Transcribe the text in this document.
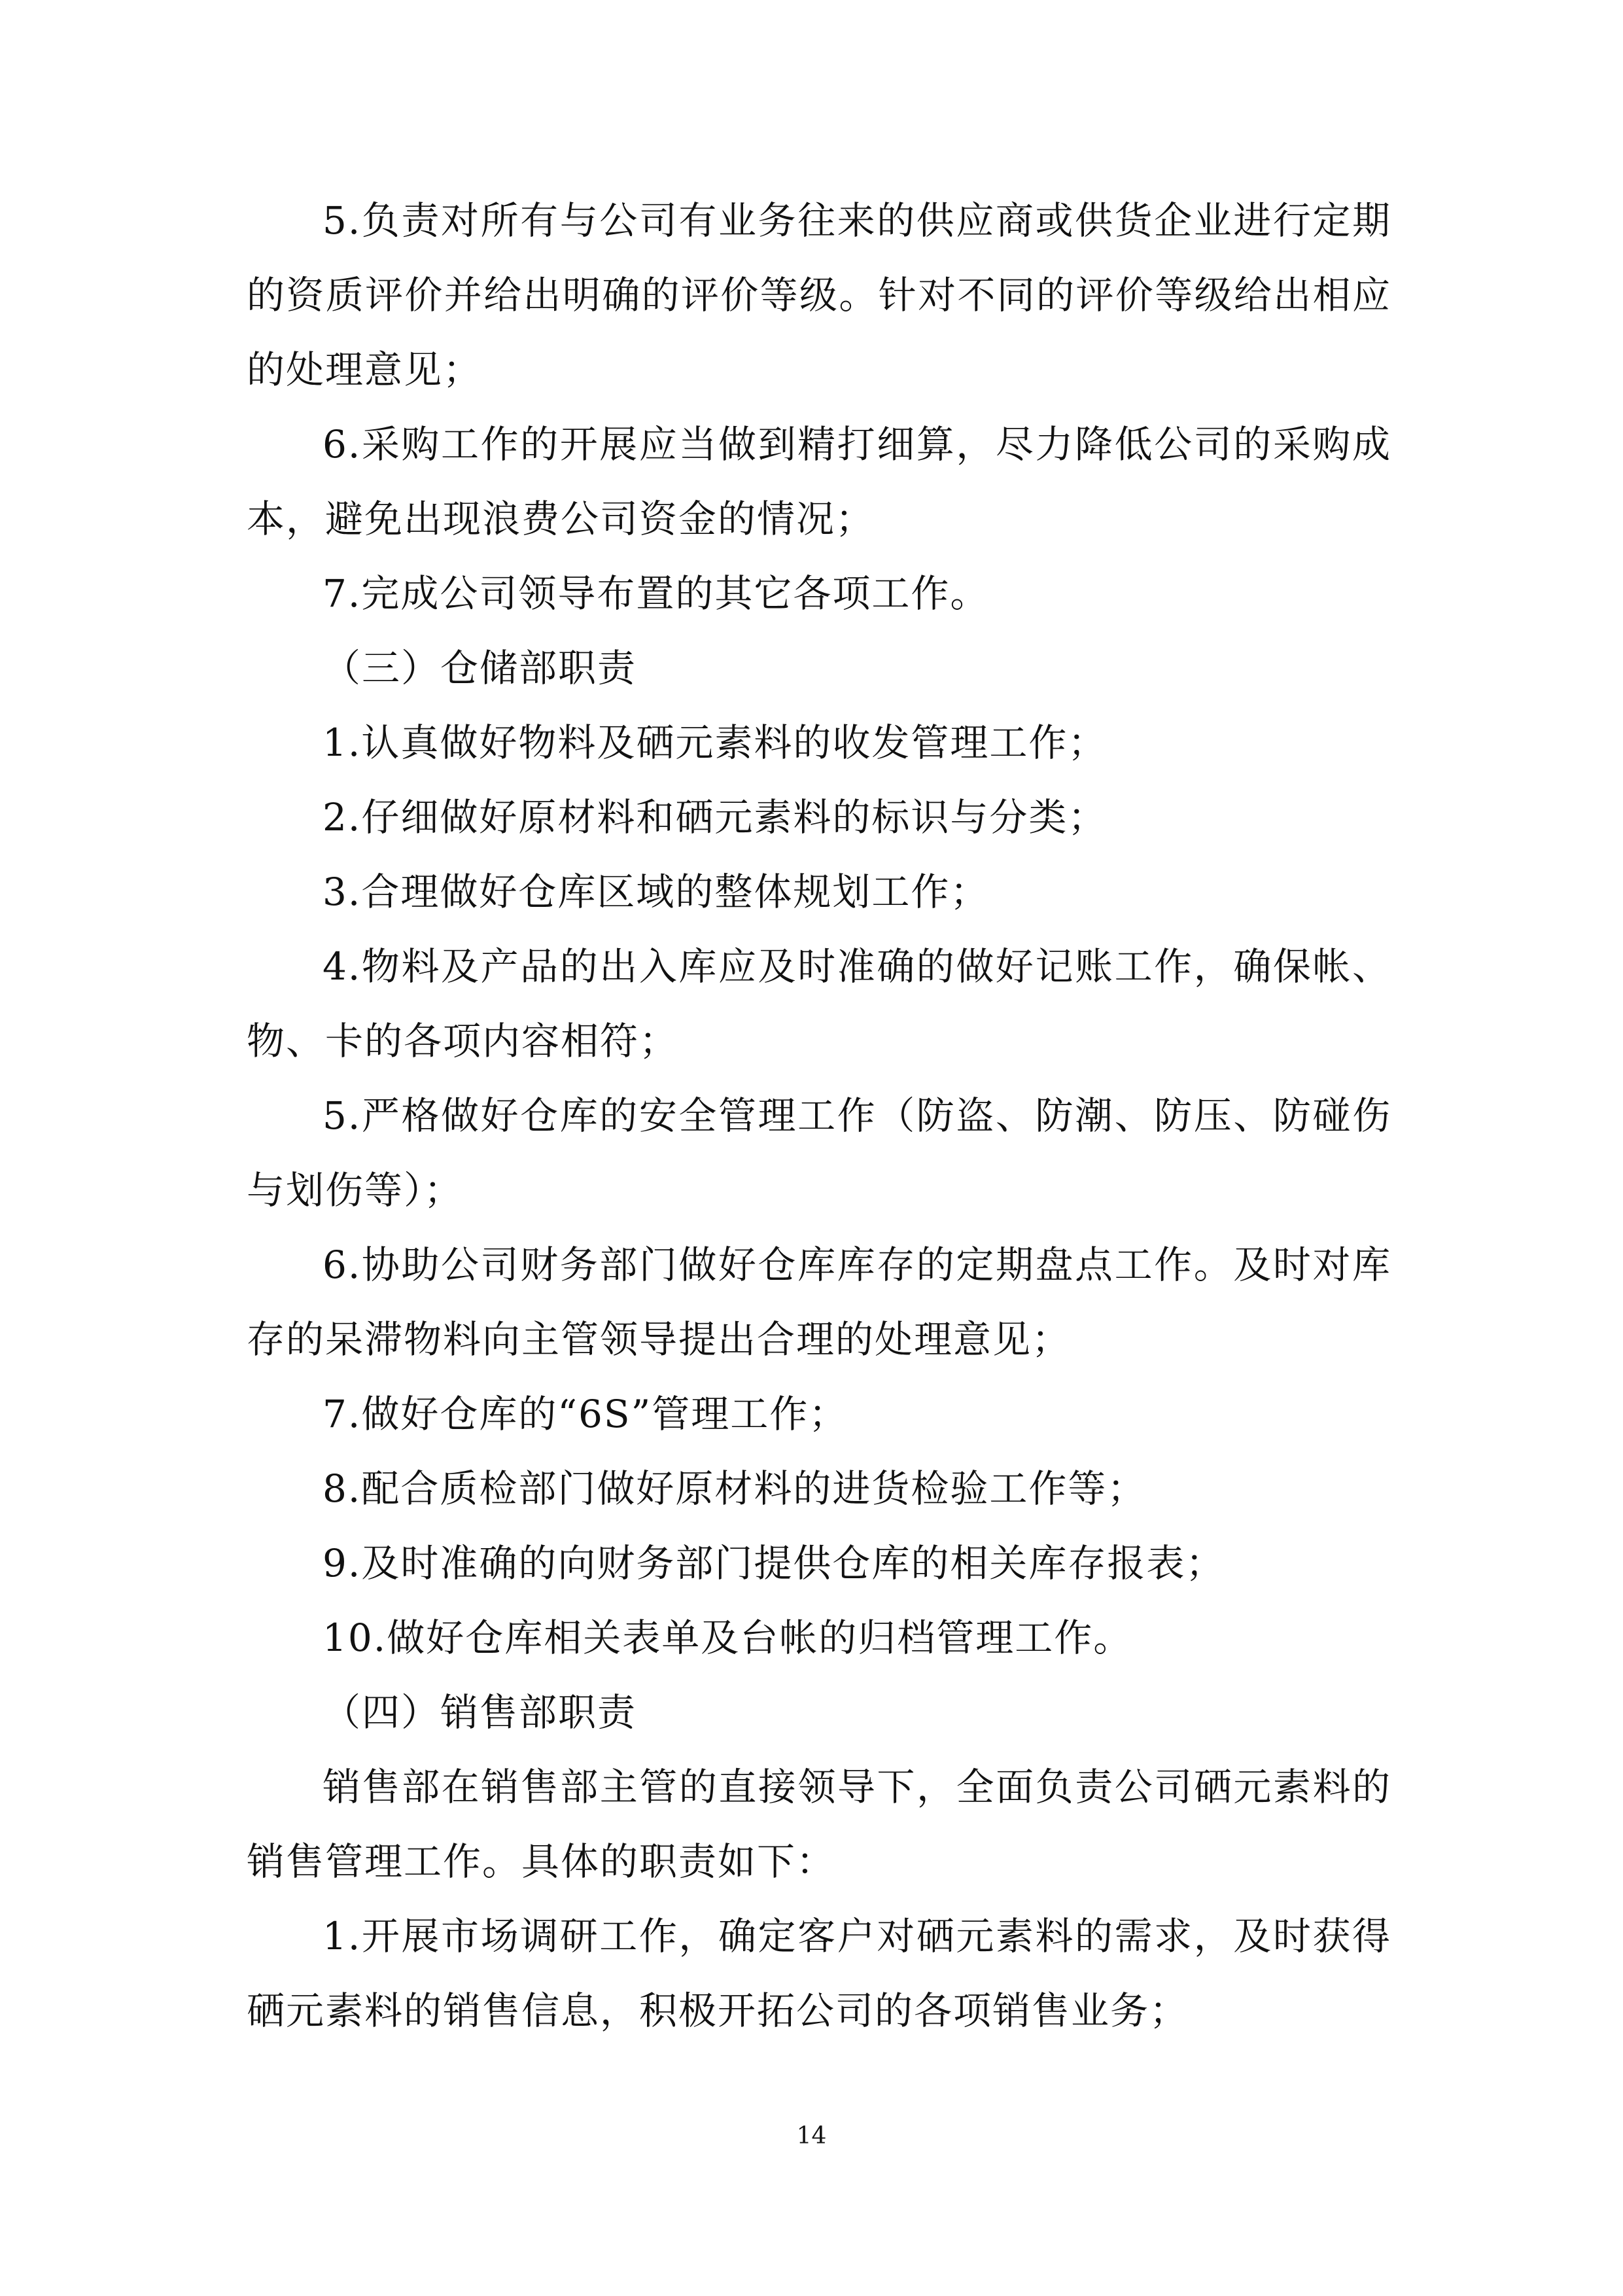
5.负责对所有与公司有业务往来的供应商或供货企业进行定期的资质评价并给出明确的评价等级。针对不同的评价等级给出相应的处理意见；

6.采购工作的开展应当做到精打细算，尽力降低公司的采购成本，避免出现浪费公司资金的情况；

7.完成公司领导布置的其它各项工作。

（三）仓储部职责

1.认真做好物料及硒元素料的收发管理工作；

2.仔细做好原材料和硒元素料的标识与分类；

3.合理做好仓库区域的整体规划工作；

4.物料及产品的出入库应及时准确的做好记账工作，确保帐、物、卡的各项内容相符；

5.严格做好仓库的安全管理工作（防盗、防潮、防压、防碰伤与划伤等）；

6.协助公司财务部门做好仓库库存的定期盘点工作。及时对库存的呆滞物料向主管领导提出合理的处理意见；

7.做好仓库的“6S”管理工作；

8.配合质检部门做好原材料的进货检验工作等；

9.及时准确的向财务部门提供仓库的相关库存报表；

10.做好仓库相关表单及台帐的归档管理工作。

（四）销售部职责

销售部在销售部主管的直接领导下，全面负责公司硒元素料的销售管理工作。具体的职责如下：

1.开展市场调研工作，确定客户对硒元素料的需求，及时获得硒元素料的销售信息，积极开拓公司的各项销售业务；

14
